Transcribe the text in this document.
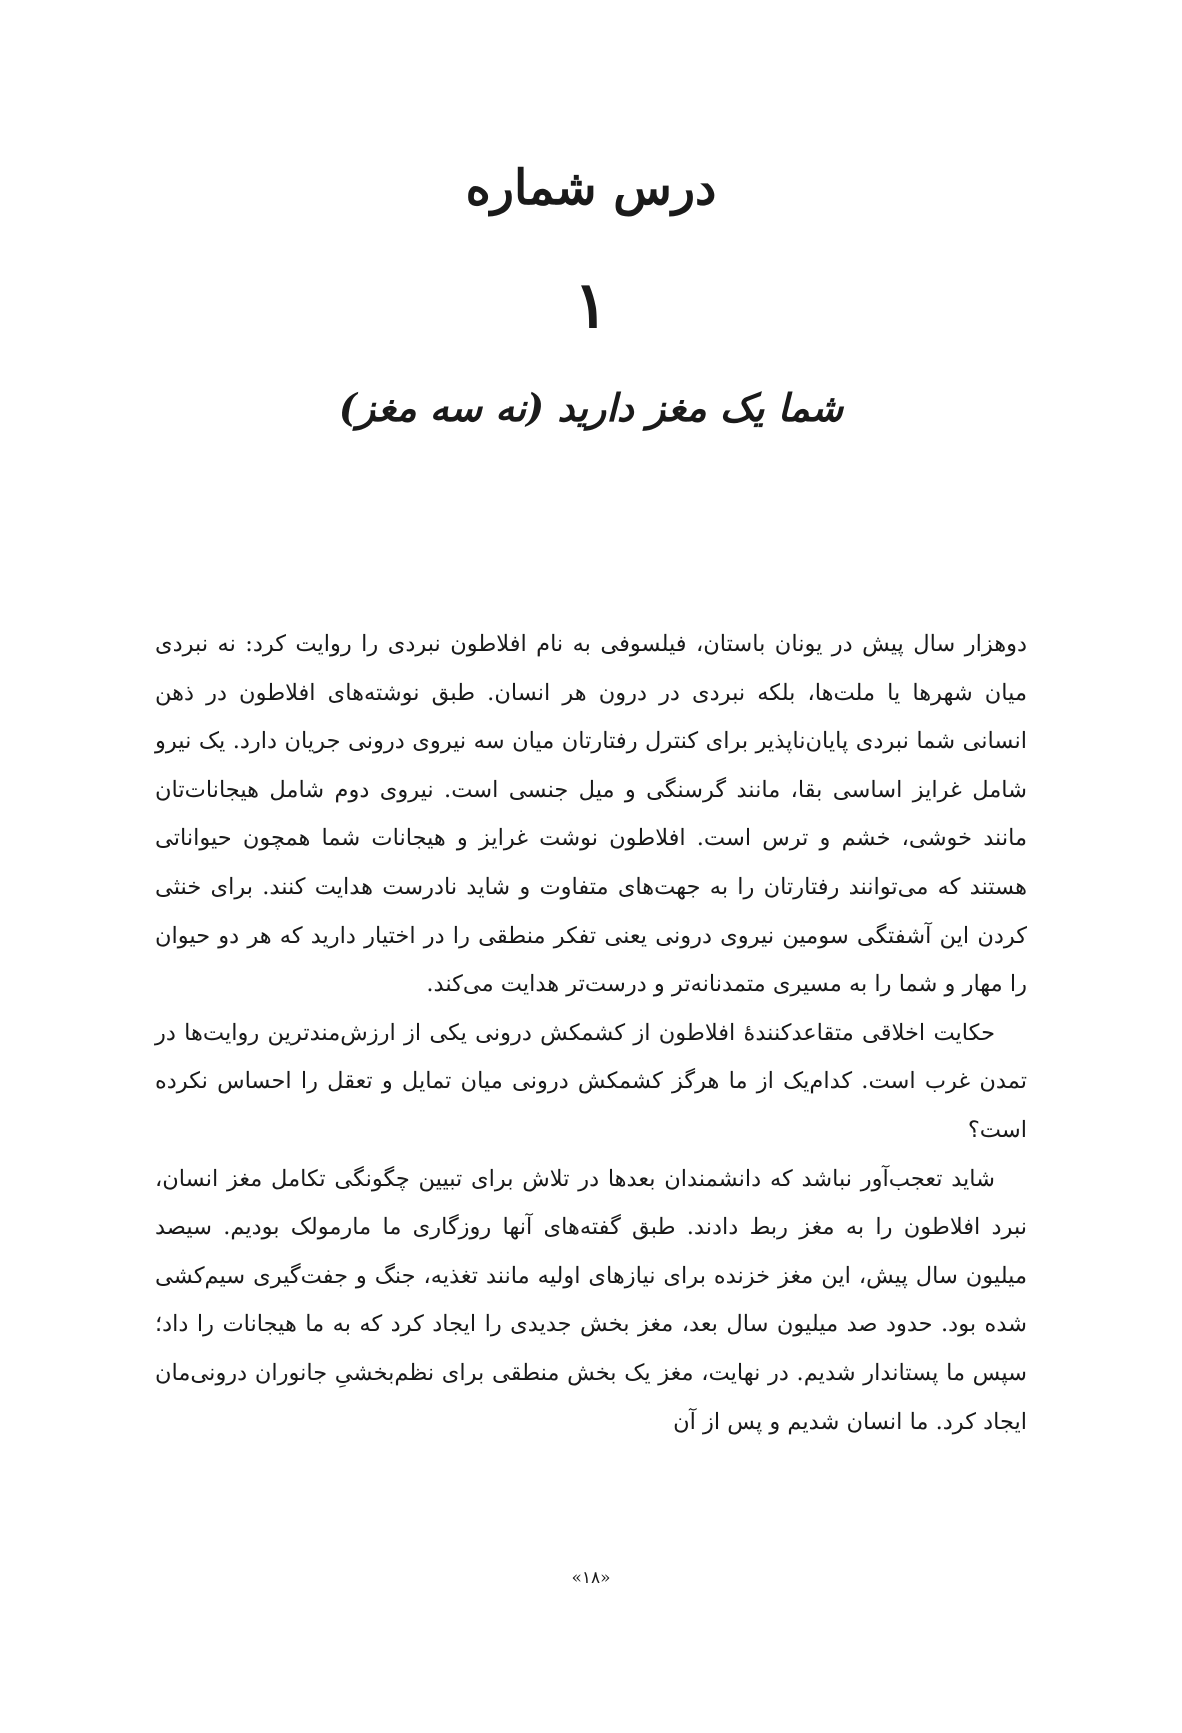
درس شماره
۱
شما یک مغز دارید (نه سه مغز)

دوهزار سال پیش در یونان باستان، فیلسوفی به نام افلاطون نبردی را روایت کرد: نه نبردی میان شهرها یا ملت‌ها، بلکه نبردی در درون هر انسان. طبق نوشته‌های افلاطون در ذهن انسانی شما نبردی پایان‌ناپذیر برای کنترل رفتارتان میان سه نیروی درونی جریان دارد. یک نیرو شامل غرایز اساسی بقا، مانند گرسنگی و میل جنسی است. نیروی دوم شامل هیجانات‌تان مانند خوشی، خشم و ترس است. افلاطون نوشت غرایز و هیجانات شما همچون حیواناتی هستند که می‌توانند رفتارتان را به جهت‌های متفاوت و شاید نادرست هدایت کنند. برای خنثی کردن این آشفتگی سومین نیروی درونی یعنی تفکر منطقی را در اختیار دارید که هر دو حیوان را مهار و شما را به مسیری متمدنانه‌تر و درست‌تر هدایت می‌کند.

حکایت اخلاقی متقاعدکنندهٔ افلاطون از کشمکش درونی یکی از ارزش‌مندترین روایت‌ها در تمدن غرب است. کدام‌یک از ما هرگز کشمکش درونی میان تمایل و تعقل را احساس نکرده است؟

شاید تعجب‌آور نباشد که دانشمندان بعدها در تلاش برای تبیین چگونگی تکامل مغز انسان، نبرد افلاطون را به مغز ربط دادند. طبق گفته‌های آنها روزگاری ما مارمولک بودیم. سیصد میلیون سال پیش، این مغز خزنده برای نیازهای اولیه مانند تغذیه، جنگ و جفت‌گیری سیم‌کشی شده بود. حدود صد میلیون سال بعد، مغز بخش جدیدی را ایجاد کرد که به ما هیجانات را داد؛ سپس ما پستاندار شدیم. در نهایت، مغز یک بخش منطقی برای نظم‌بخشیِ جانوران درونی‌مان ایجاد کرد. ما انسان شدیم و پس از آن

«۱۸»
